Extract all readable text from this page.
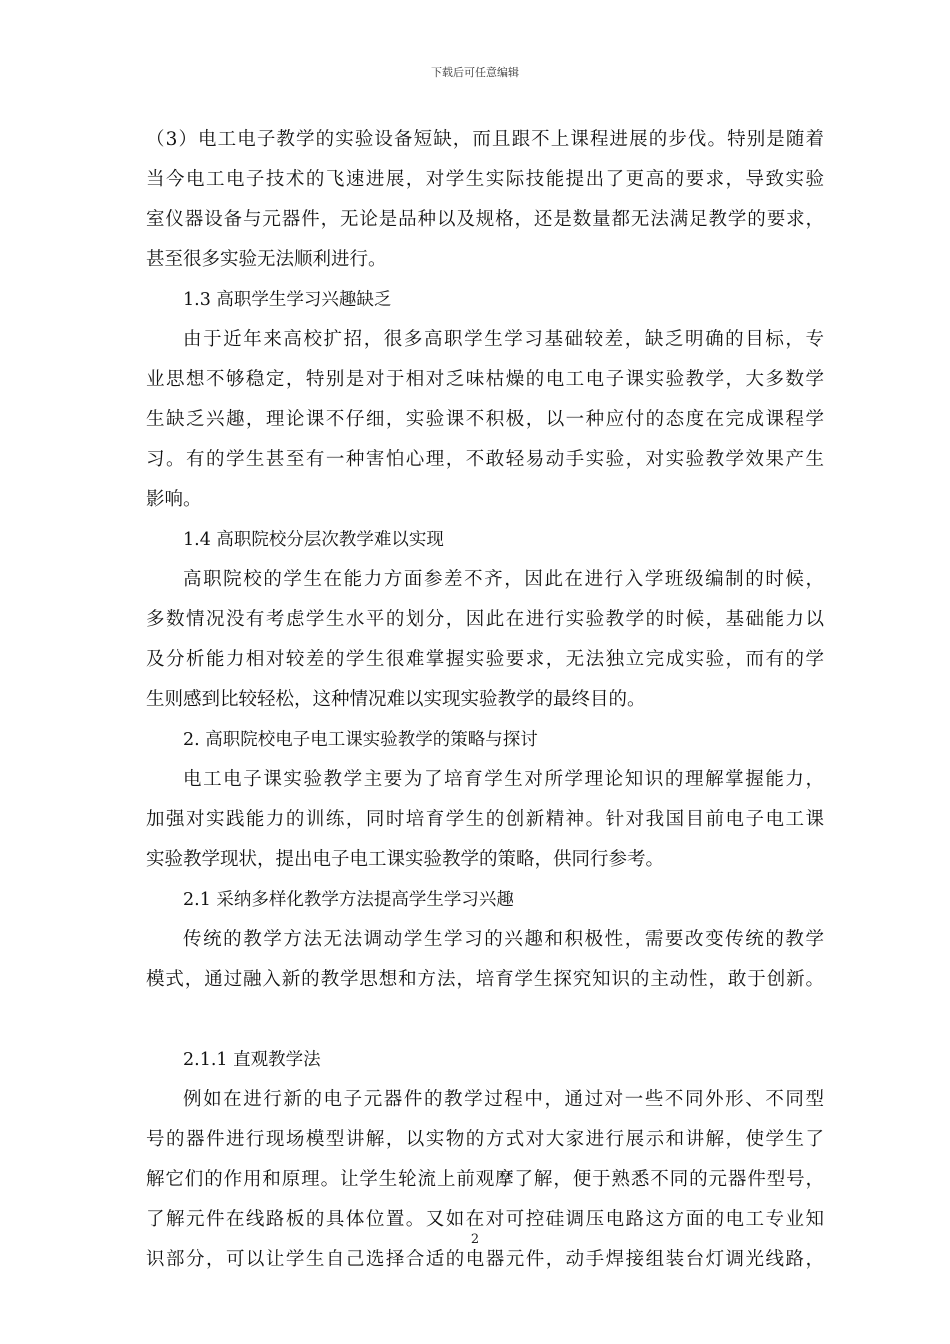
下载后可任意编辑
（3）电工电子教学的实验设备短缺，而且跟不上课程进展的步伐。特别是随着
当今电工电子技术的飞速进展，对学生实际技能提出了更高的要求，导致实验
室仪器设备与元器件，无论是品种以及规格，还是数量都无法满足教学的要求，
甚至很多实验无法顺利进行。
1.3 高职学生学习兴趣缺乏
由于近年来高校扩招，很多高职学生学习基础较差，缺乏明确的目标，专
业思想不够稳定，特别是对于相对乏味枯燥的电工电子课实验教学，大多数学
生缺乏兴趣，理论课不仔细，实验课不积极，以一种应付的态度在完成课程学
习。有的学生甚至有一种害怕心理，不敢轻易动手实验，对实验教学效果产生
影响。
1.4 高职院校分层次教学难以实现
高职院校的学生在能力方面参差不齐，因此在进行入学班级编制的时候，
多数情况没有考虑学生水平的划分，因此在进行实验教学的时候，基础能力以
及分析能力相对较差的学生很难掌握实验要求，无法独立完成实验，而有的学
生则感到比较轻松，这种情况难以实现实验教学的最终目的。
2. 高职院校电子电工课实验教学的策略与探讨
电工电子课实验教学主要为了培育学生对所学理论知识的理解掌握能力，
加强对实践能力的训练，同时培育学生的创新精神。针对我国目前电子电工课
实验教学现状，提出电子电工课实验教学的策略，供同行参考。
2.1 采纳多样化教学方法提高学生学习兴趣
传统的教学方法无法调动学生学习的兴趣和积极性，需要改变传统的教学
模式，通过融入新的教学思想和方法，培育学生探究知识的主动性，敢于创新。
2.1.1 直观教学法
例如在进行新的电子元器件的教学过程中，通过对一些不同外形、不同型
号的器件进行现场模型讲解，以实物的方式对大家进行展示和讲解，使学生了
解它们的作用和原理。让学生轮流上前观摩了解，便于熟悉不同的元器件型号，
了解元件在线路板的具体位置。又如在对可控硅调压电路这方面的电工专业知
识部分，可以让学生自己选择合适的电器元件，动手焊接组装台灯调光线路，
2
